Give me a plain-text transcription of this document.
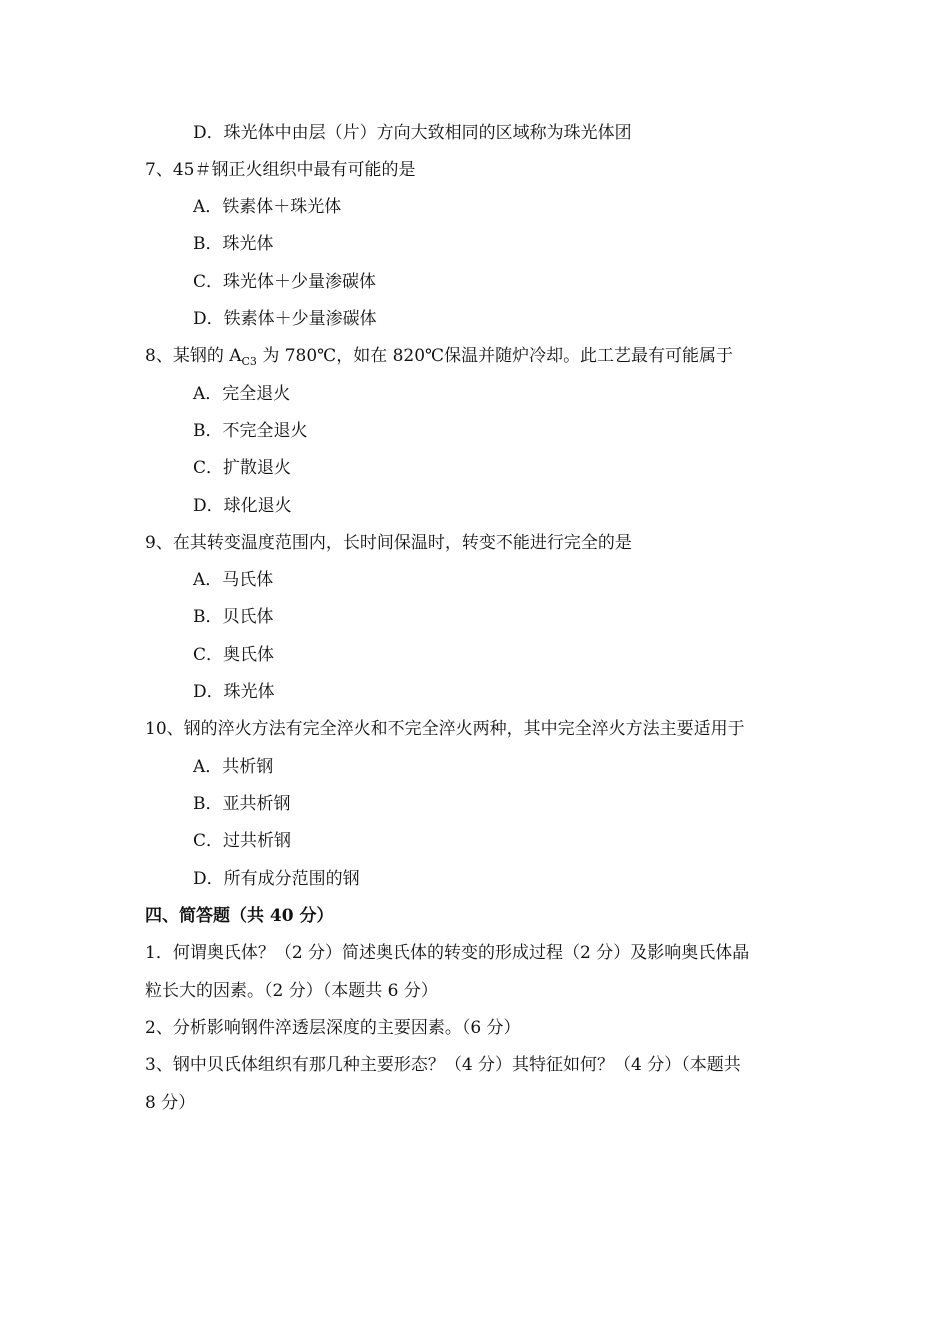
D．珠光体中由层（片）方向大致相同的区域称为珠光体团
7、45＃钢正火组织中最有可能的是
A．铁素体＋珠光体
B．珠光体
C．珠光体＋少量渗碳体
D．铁素体＋少量渗碳体
8、某钢的 $A_{C3}$ 为 780℃，如在 820℃保温并随炉冷却。此工艺最有可能属于
A．完全退火
B．不完全退火
C．扩散退火
D．球化退火
9、在其转变温度范围内，长时间保温时，转变不能进行完全的是
A．马氏体
B．贝氏体
C．奥氏体
D．珠光体
10、钢的淬火方法有完全淬火和不完全淬火两种，其中完全淬火方法主要适用于
A．共析钢
B．亚共析钢
C．过共析钢
D．所有成分范围的钢
四、简答题（共 40 分）
1．何谓奥氏体？（2 分）简述奥氏体的转变的形成过程（2 分）及影响奥氏体晶
粒长大的因素。（2 分）（本题共 6 分）
2、分析影响钢件淬透层深度的主要因素。（6 分）
3、钢中贝氏体组织有那几种主要形态？（4 分）其特征如何？（4 分）（本题共
8 分）
